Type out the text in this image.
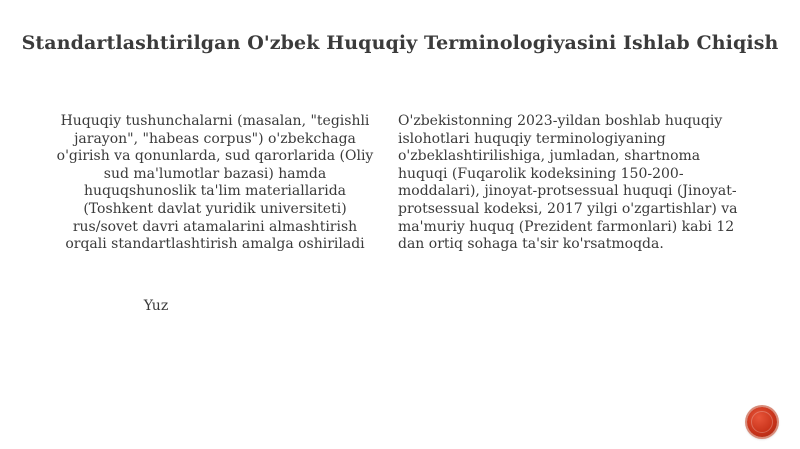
Standartlashtirilgan O'zbek Huquqiy Terminologiyasini Ishlab Chiqish
Huquqiy tushunchalarni (masalan, "tegishli jarayon", "habeas corpus") o'zbekchaga o'girish va qonunlarda, sud qarorlarida (Oliy sud ma'lumotlar bazasi) hamda huquqshunoslik ta'lim materiallarida (Toshkent davlat yuridik universiteti) rus/sovet davri atamalarini almashtirish orqali standartlashtirish amalga oshiriladi
O'zbekistonning 2023-yildan boshlab huquqiy islohotlari huquqiy terminologiyaning o'zbeklashtirilishiga, jumladan, shartnoma huquqi (Fuqarolik kodeksining 150-200-moddalari), jinoyat-protsessual huquqi (Jinoyat-protsessual kodeksi, 2017 yilgi o'zgartishlar) va ma'muriy huquq (Prezident farmonlari) kabi 12 dan ortiq sohaga ta'sir ko'rsatmoqda.
Yuz
